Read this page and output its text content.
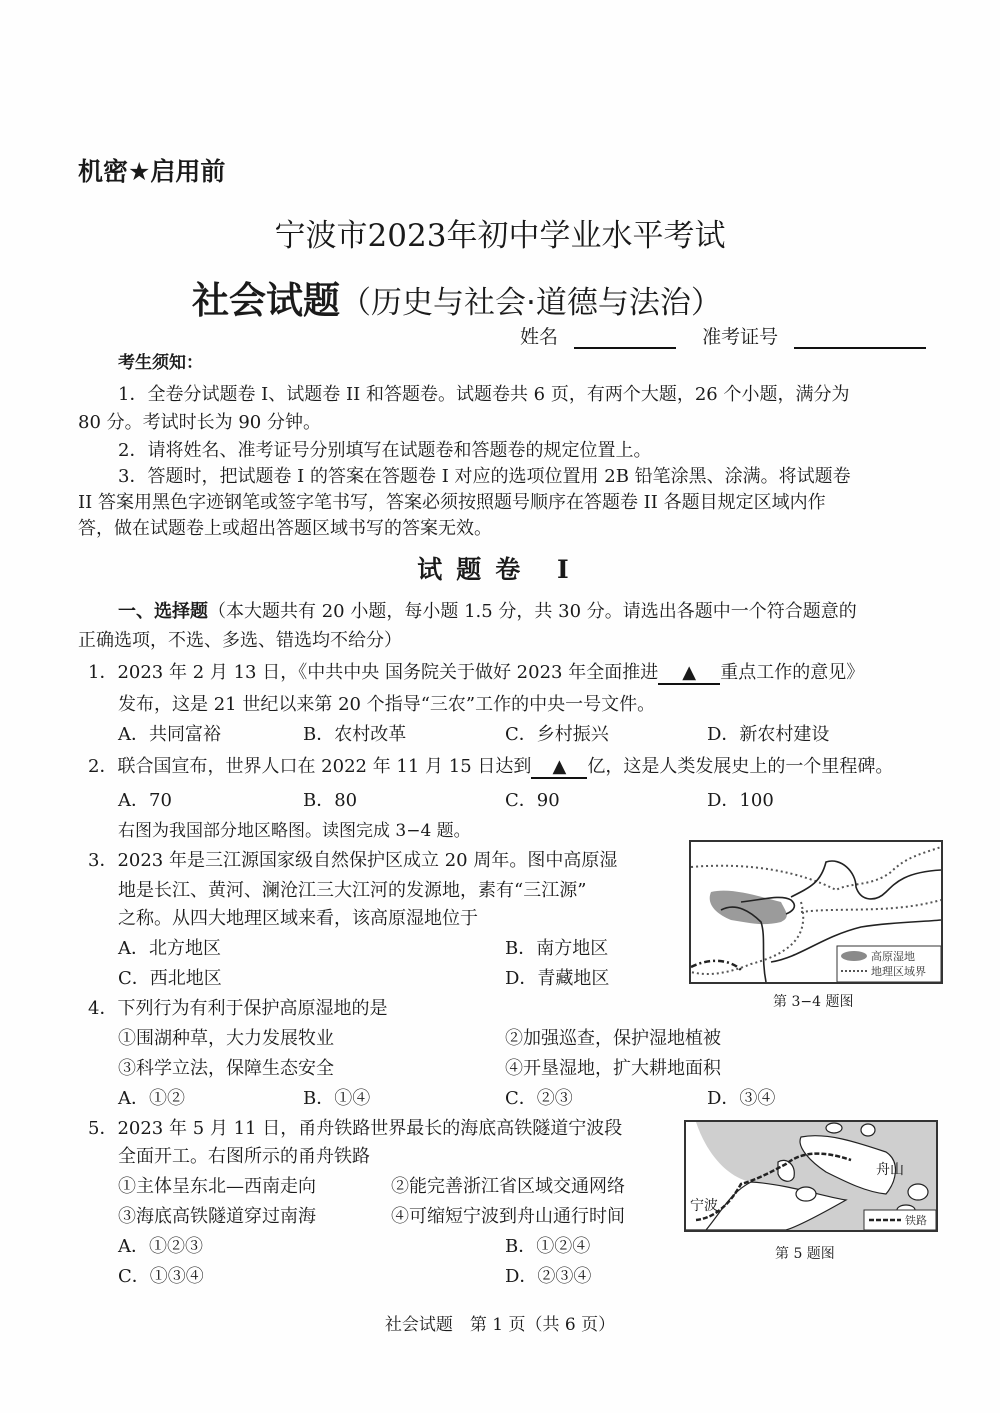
机密★启用前
宁波市2023年初中学业水平考试
社会试题（历史与社会·道德与法治）
姓名	准考证号
考生须知：
1．全卷分试题卷 I、试题卷 II 和答题卷。试题卷共 6 页，有两个大题，26 个小题，满分为
80 分。考试时长为 90 分钟。
2．请将姓名、准考证号分别填写在试题卷和答题卷的规定位置上。
3．答题时，把试题卷 I 的答案在答题卷 I 对应的选项位置用 2B 铅笔涂黑、涂满。将试题卷
II 答案用黑色字迹钢笔或签字笔书写，答案必须按照题号顺序在答题卷 II 各题目规定区域内作
答，做在试题卷上或超出答题区域书写的答案无效。
试题卷 I
一、选择题（本大题共有 20 小题，每小题 1.5 分，共 30 分。请选出各题中一个符合题意的
正确选项，不选、多选、错选均不给分）
1．2023 年 2 月 13 日，《中共中央 国务院关于做好 2023 年全面推进 ▲ 重点工作的意见》
发布，这是 21 世纪以来第 20 个指导“三农”工作的中央一号文件。
A．共同富裕	B．农村改革	C．乡村振兴	D．新农村建设
2．联合国宣布，世界人口在 2022 年 11 月 15 日达到 ▲ 亿，这是人类发展史上的一个里程碑。
A．70	B．80	C．90	D．100
右图为我国部分地区略图。读图完成 3−4 题。
3．2023 年是三江源国家级自然保护区成立 20 周年。图中高原湿
地是长江、黄河、澜沧江三大江河的发源地，素有“三江源”
之称。从四大地理区域来看，该高原湿地位于
A．北方地区	B．南方地区
C．西北地区	D．青藏地区
高原湿地
地理区域界
第 3−4 题图
4．下列行为有利于保护高原湿地的是
①围湖种草，大力发展牧业	②加强巡查，保护湿地植被
③科学立法，保障生态安全	④开垦湿地，扩大耕地面积
A．①②	B．①④	C．②③	D．③④
5．2023 年 5 月 11 日，甬舟铁路世界最长的海底高铁隧道宁波段
全面开工。右图所示的甬舟铁路
①主体呈东北—西南走向	②能完善浙江省区域交通网络
③海底高铁隧道穿过南海	④可缩短宁波到舟山通行时间
A．①②③	B．①②④
C．①③④	D．②③④
铁路
宁波
舟山
第 5 题图
社会试题　第 1 页（共 6 页）
